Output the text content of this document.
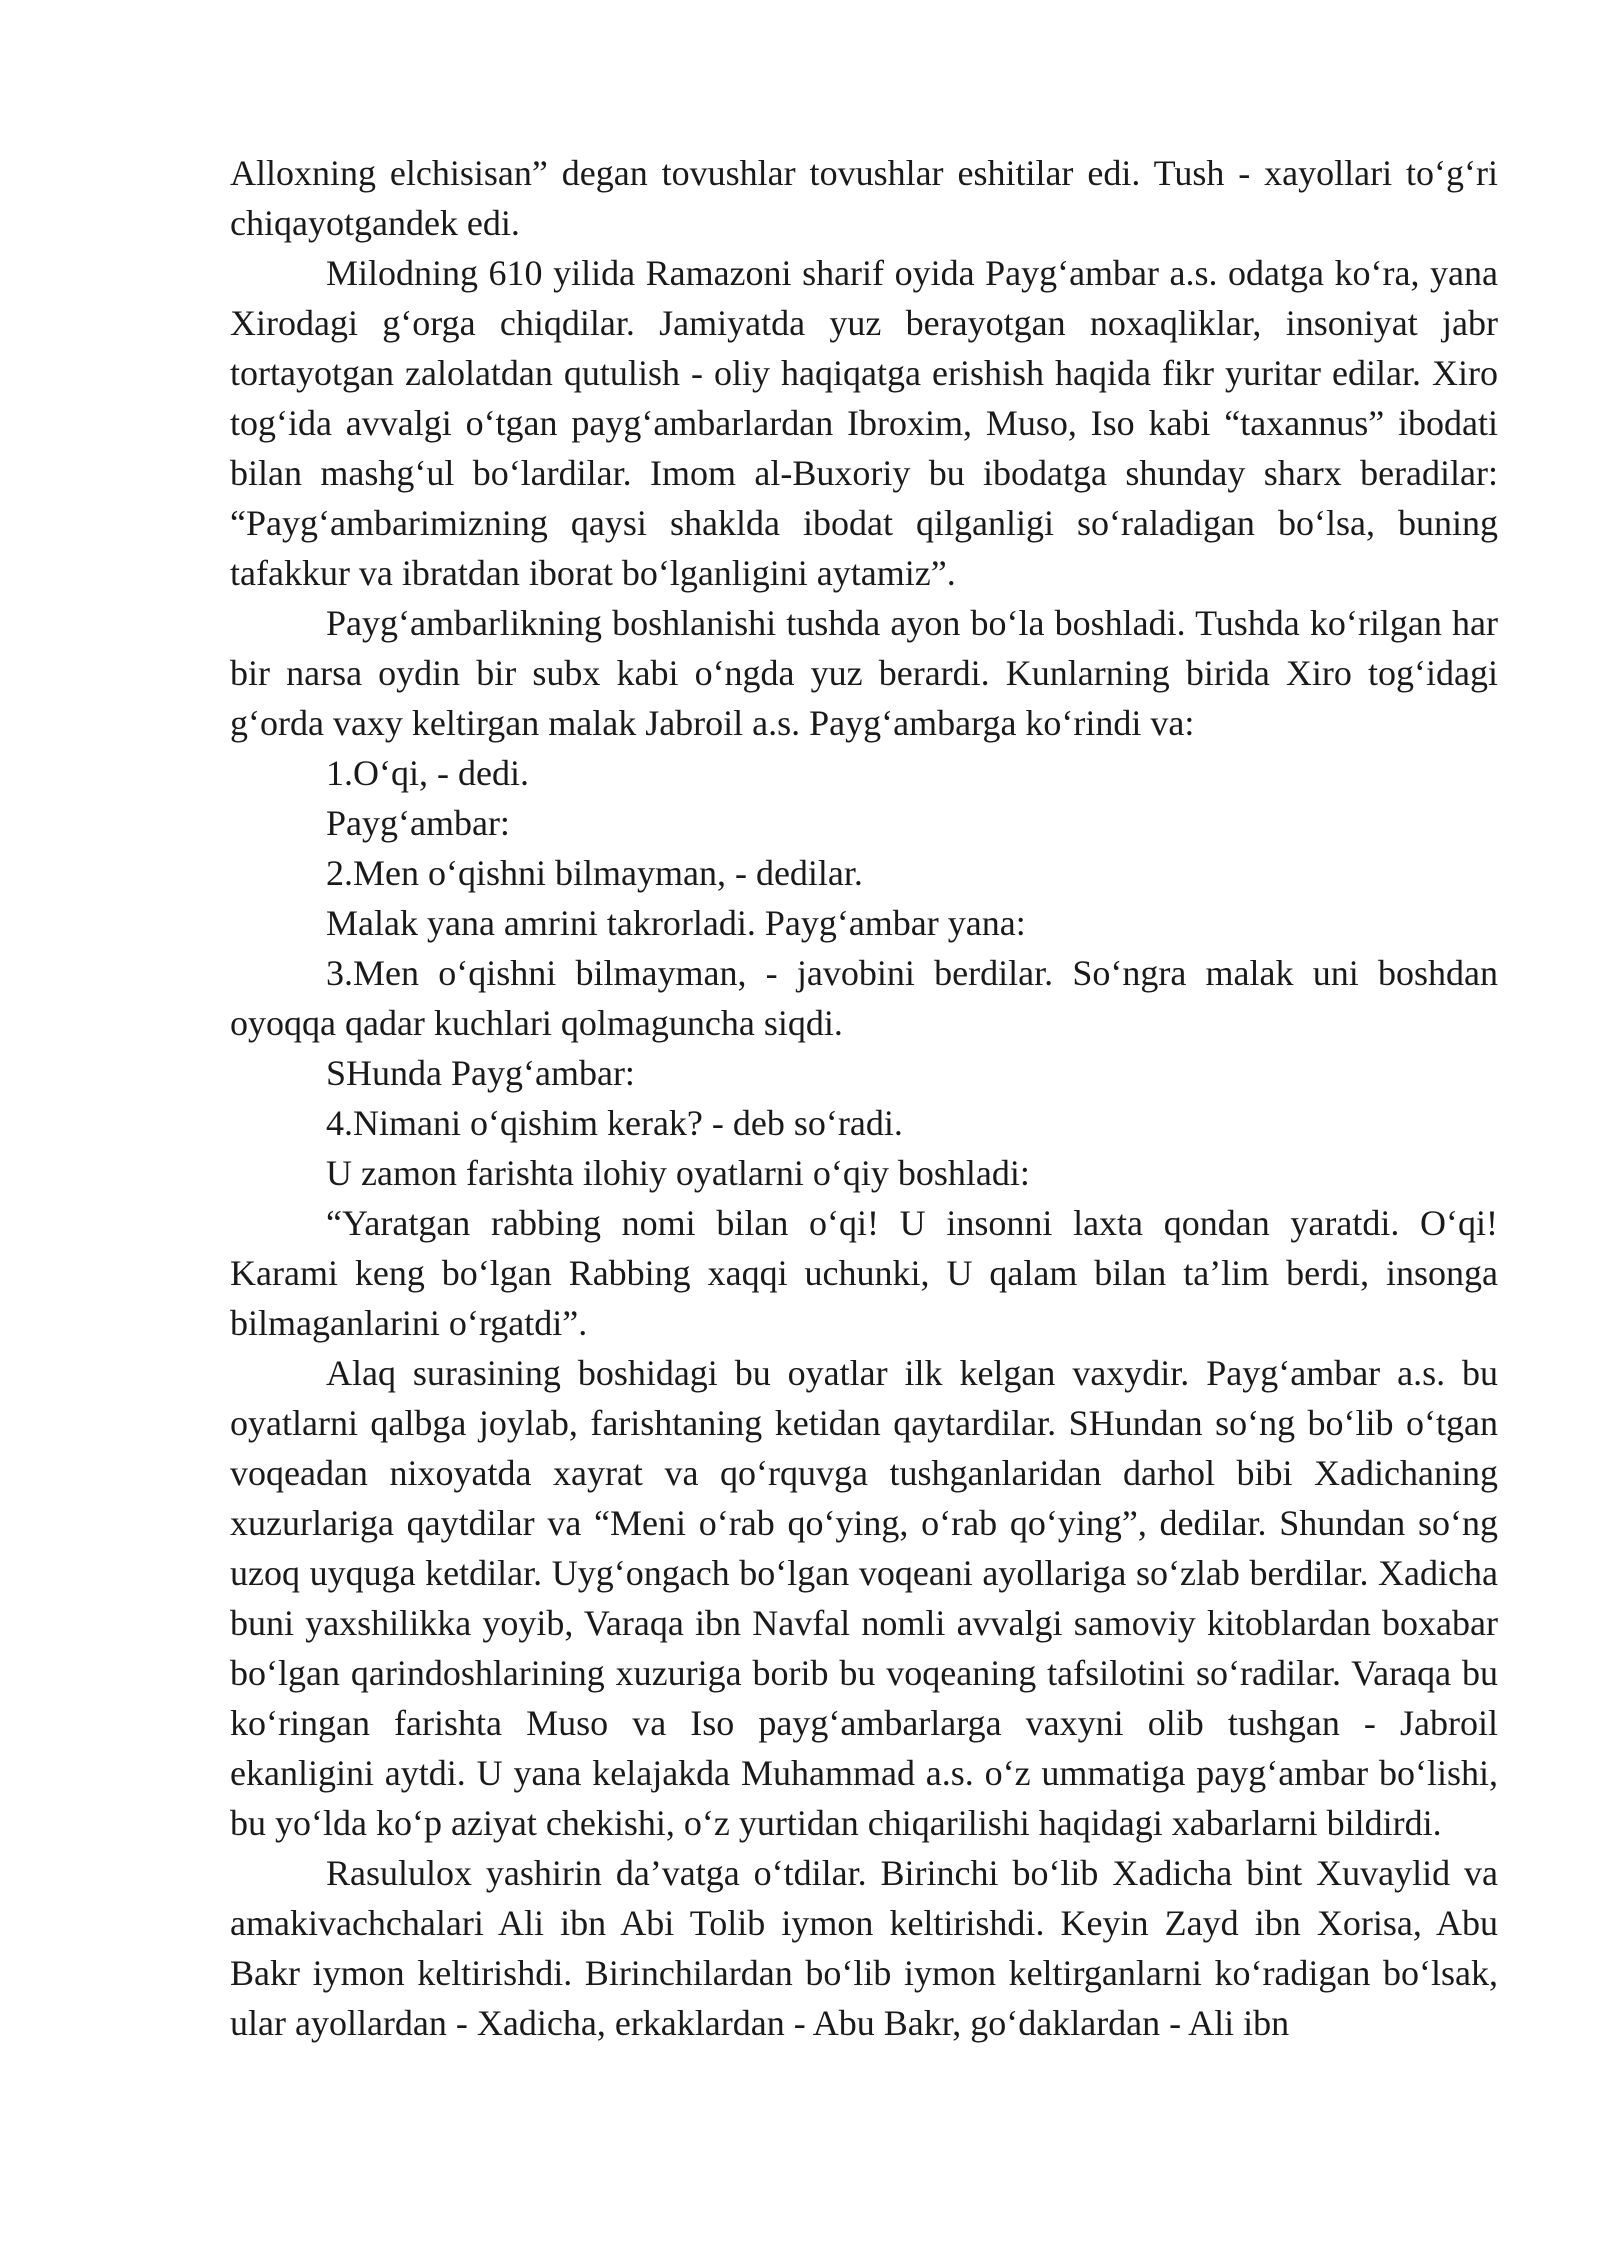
Alloxning elchisisan” degan tovushlar tovushlar eshitilar edi. Tush - xayollari to‘g‘ri chiqayotgandek edi.

Milodning 610 yilida Ramazoni sharif oyida Payg‘ambar a.s. odatga ko‘ra, yana Xirodagi g‘orga chiqdilar. Jamiyatda yuz berayotgan noxaqliklar, insoniyat jabr tortayotgan zalolatdan qutulish - oliy haqiqatga erishish haqida fikr yuritar edilar. Xiro tog‘ida avvalgi o‘tgan payg‘ambarlardan Ibroxim, Muso, Iso kabi “taxannus” ibodati bilan mashg‘ul bo‘lardilar. Imom al-Buxoriy bu ibodatga shunday sharx beradilar: “Payg‘ambarimizning qaysi shaklda ibodat qilganligi so‘raladigan bo‘lsa, buning tafakkur va ibratdan iborat bo‘lganligini aytamiz”.

Payg‘ambarlikning boshlanishi tushda ayon bo‘la boshladi. Tushda ko‘rilgan har bir narsa oydin bir subx kabi o‘ngda yuz berardi. Kunlarning birida Xiro tog‘idagi g‘orda vaxy keltirgan malak Jabroil a.s. Payg‘ambarga ko‘rindi va:

1.O‘qi, - dedi.

Payg‘ambar:

2.Men o‘qishni bilmayman, - dedilar.

Malak yana amrini takrorladi. Payg‘ambar yana:

3.Men o‘qishni bilmayman, - javobini berdilar. So‘ngra malak uni boshdan oyoqqa qadar kuchlari qolmaguncha siqdi.

SHunda Payg‘ambar:

4.Nimani o‘qishim kerak? - deb so‘radi.

U zamon farishta ilohiy oyatlarni o‘qiy boshladi:

“Yaratgan rabbing nomi bilan o‘qi! U insonni laxta qondan yaratdi. O‘qi! Karami keng bo‘lgan Rabbing xaqqi uchunki, U qalam bilan ta’lim berdi, insonga bilmaganlarini o‘rgatdi”.

Alaq surasining boshidagi bu oyatlar ilk kelgan vaxydir. Payg‘ambar a.s. bu oyatlarni qalbga joylab, farishtaning ketidan qaytardilar. SHundan so‘ng bo‘lib o‘tgan voqeadan nixoyatda xayrat va qo‘rquvga tushganlaridan darhol bibi Xadichaning xuzurlariga qaytdilar va “Meni o‘rab qo‘ying, o‘rab qo‘ying”, dedilar. Shundan so‘ng uzoq uyquga ketdilar. Uyg‘ongach bo‘lgan voqeani ayollariga so‘zlab berdilar. Xadicha buni yaxshilikka yoyib, Varaqa ibn Navfal nomli avvalgi samoviy kitoblardan boxabar bo‘lgan qarindoshlarining xuzuriga borib bu voqeaning tafsilotini so‘radilar. Varaqa bu ko‘ringan farishta Muso va Iso payg‘ambarlarga vaxyni olib tushgan - Jabroil ekanligini aytdi. U yana kelajakda Muhammad a.s. o‘z ummatiga payg‘ambar bo‘lishi, bu yo‘lda ko‘p aziyat chekishi, o‘z yurtidan chiqarilishi haqidagi xabarlarni bildirdi.

Rasululox yashirin da’vatga o‘tdilar. Birinchi bo‘lib Xadicha bint Xuvaylid va amakivachchalari Ali ibn Abi Tolib iymon keltirishdi. Keyin Zayd ibn Xorisa, Abu Bakr iymon keltirishdi. Birinchilardan bo‘lib iymon keltirganlarni ko‘radigan bo‘lsak, ular ayollardan - Xadicha, erkaklardan - Abu Bakr, go‘daklardan - Ali ibn
